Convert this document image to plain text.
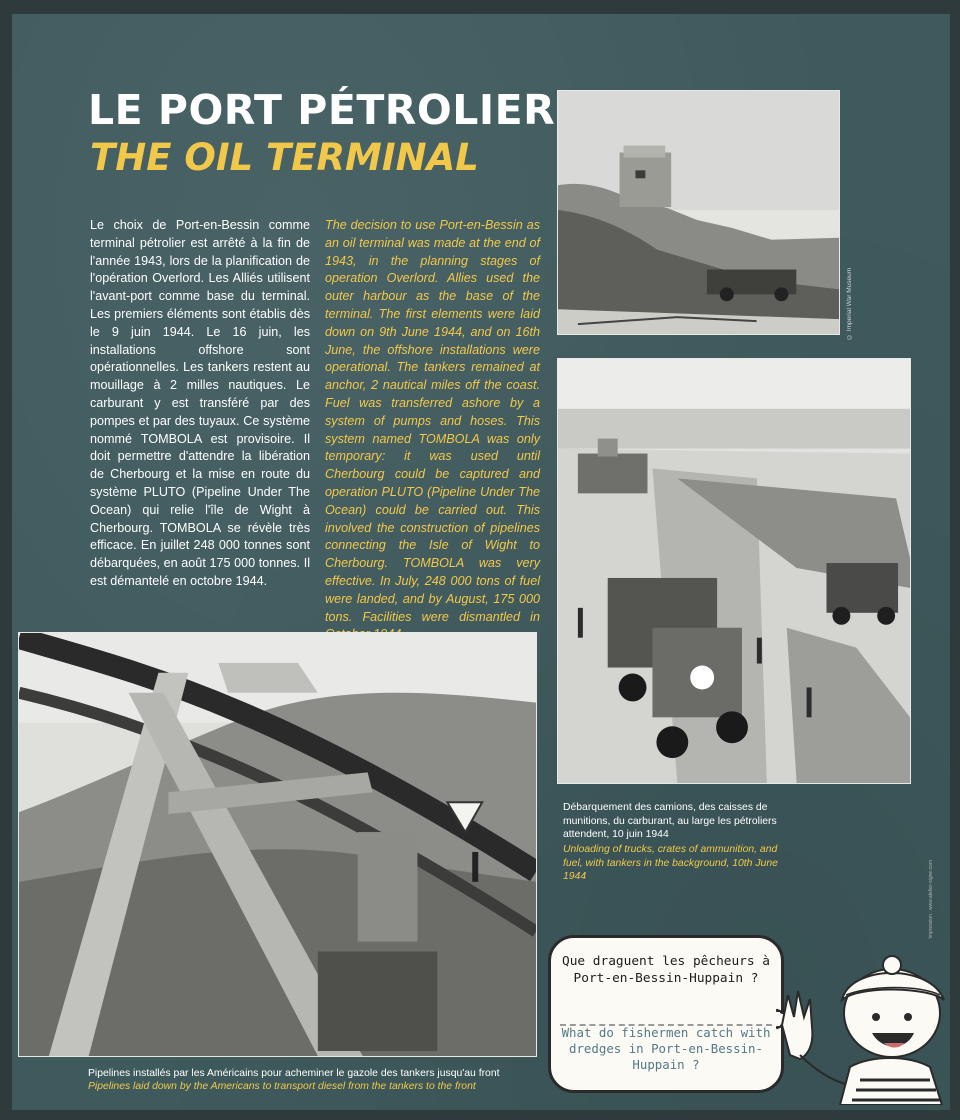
LE PORT PÉTROLIER
THE OIL TERMINAL
Le choix de Port-en-Bessin comme terminal pétrolier est arrêté à la fin de l'année 1943, lors de la planification de l'opération Overlord. Les Alliés utilisent l'avant-port comme base du terminal. Les premiers éléments sont établis dès le 9 juin 1944. Le 16 juin, les installations offshore sont opérationnelles. Les tankers restent au mouillage à 2 milles nautiques. Le carburant y est transféré par des pompes et par des tuyaux. Ce système nommé TOMBOLA est provisoire. Il doit permettre d'attendre la libération de Cherbourg et la mise en route du système PLUTO (Pipeline Under The Ocean) qui relie l'île de Wight à Cherbourg. TOMBOLA se révèle très efficace. En juillet 248 000 tonnes sont débarquées, en août 175 000 tonnes. Il est démantelé en octobre 1944.
The decision to use Port-en-Bessin as an oil terminal was made at the end of 1943, in the planning stages of operation Overlord. Allies used the outer harbour as the base of the terminal. The first elements were laid down on 9th June 1944, and on 16th June, the offshore installations were operational. The tankers remained at anchor, 2 nautical miles off the coast. Fuel was transferred ashore by a system of pumps and hoses. This system named TOMBOLA was only temporary: it was used until Cherbourg could be captured and operation PLUTO (Pipeline Under The Ocean) could be carried out. This involved the construction of pipelines connecting the Isle of Wight to Cherbourg. TOMBOLA was very effective. In July, 248 000 tons of fuel were landed, and by August, 175 000 tons. Facilities were dismantled in
© Imperial War Museum
Débarquement des camions, des caisses de munitions, du carburant, au large les pétroliers attendent, 10 juin 1944
Unloading of trucks, crates of ammunition, and fuel, with tankers in the background, 10th June 1944
Pipelines installés par les Américains pour acheminer le gazole des tankers jusqu'au front
Pipelines laid down by the Americans to transport diesel from the tankers to the front
Impression : www.atelier-signe.com
Que draguent les pêcheurs à Port-en-Bessin-Huppain ?
What do fishermen catch with dredges in Port-en-Bessin-Huppain ?
